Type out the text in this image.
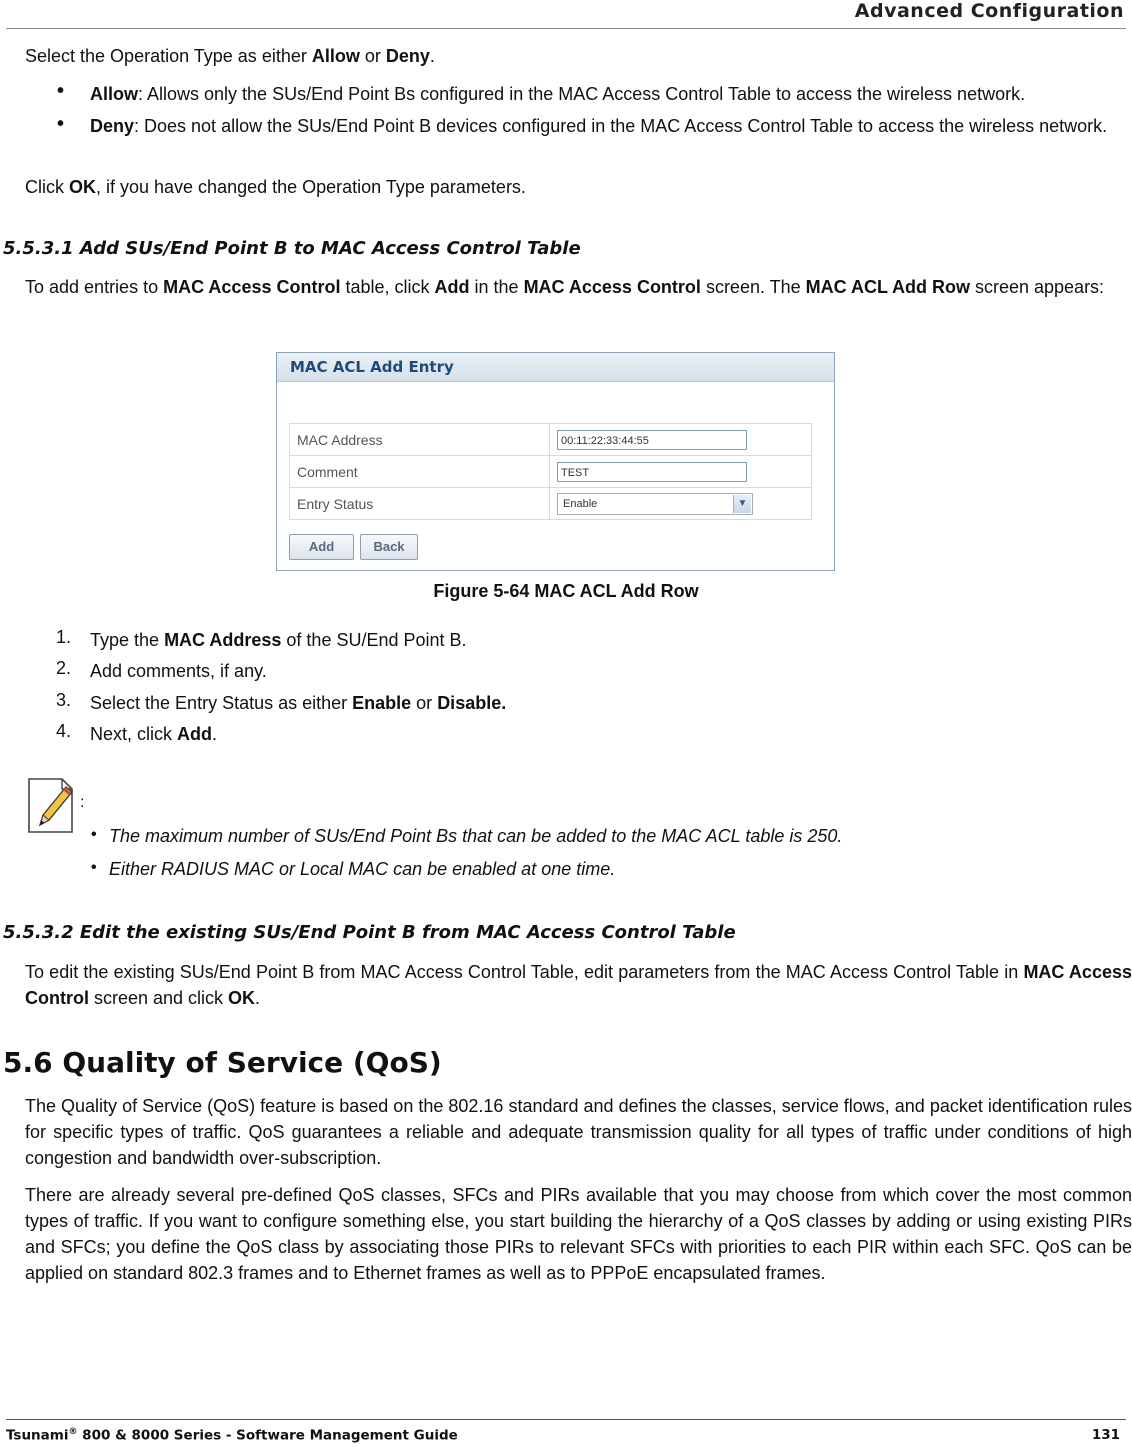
Advanced Configuration
Select the Operation Type as either Allow or Deny.
• Allow: Allows only the SUs/End Point Bs configured in the MAC Access Control Table to access the wireless network.
• Deny: Does not allow the SUs/End Point B devices configured in the MAC Access Control Table to access the wireless network.
Click OK, if you have changed the Operation Type parameters.
5.5.3.1 Add SUs/End Point B to MAC Access Control Table
To add entries to MAC Access Control table, click Add in the MAC Access Control screen. The MAC ACL Add Row screen appears:
MAC ACL Add Entry
MAC Address	00:11:22:33:44:55

Comment	TEST

Entry Status	Enable ▼
Add	Back
Figure 5-64 MAC ACL Add Row
1. Type the MAC Address of the SU/End Point B.
2. Add comments, if any.
3. Select the Entry Status as either Enable or Disable.
4. Next, click Add.
:
• The maximum number of SUs/End Point Bs that can be added to the MAC ACL table is 250.
• Either RADIUS MAC or Local MAC can be enabled at one time.
5.5.3.2 Edit the existing SUs/End Point B from MAC Access Control Table
To edit the existing SUs/End Point B from MAC Access Control Table, edit parameters from the MAC Access Control Table in MAC Access Control screen and click OK.
5.6 Quality of Service (QoS)
The Quality of Service (QoS) feature is based on the 802.16 standard and defines the classes, service flows, and packet identification rules for specific types of traffic. QoS guarantees a reliable and adequate transmission quality for all types of traffic under conditions of high congestion and bandwidth over-subscription.
There are already several pre-defined QoS classes, SFCs and PIRs available that you may choose from which cover the most common types of traffic. If you want to configure something else, you start building the hierarchy of a QoS classes by adding or using existing PIRs and SFCs; you define the QoS class by associating those PIRs to relevant SFCs with priorities to each PIR within each SFC. QoS can be applied on standard 802.3 frames and to Ethernet frames as well as to PPPoE encapsulated frames.
Tsunami® 800 & 8000 Series - Software Management Guide	131
